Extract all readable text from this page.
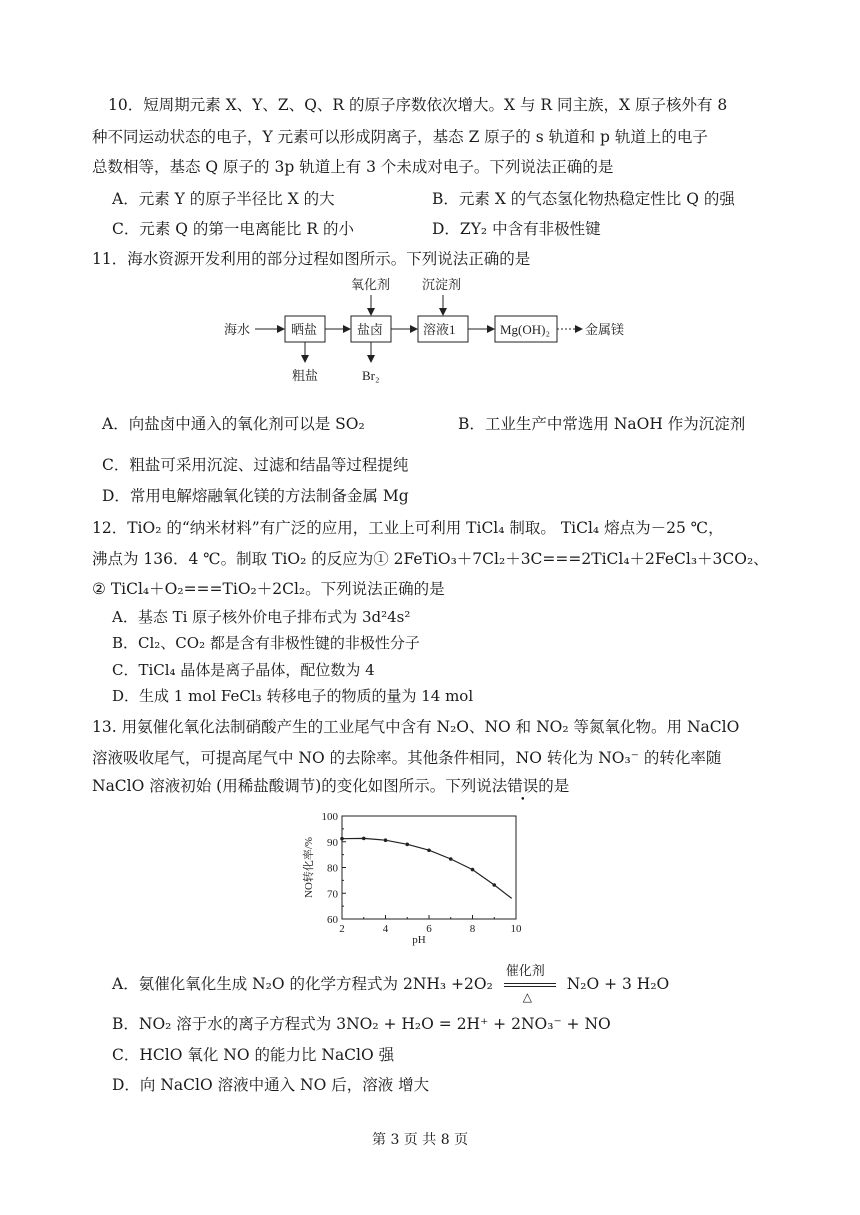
10．短周期元素 X、Y、Z、Q、R 的原子序数依次增大。X 与 R 同主族，X 原子核外有 8
种不同运动状态的电子，Y 元素可以形成阴离子，基态 Z 原子的 s 轨道和 p 轨道上的电子
总数相等，基态 Q 原子的 3p 轨道上有 3 个未成对电子。下列说法正确的是
A．元素 Y 的原子半径比 X 的大	B．元素 X 的气态氢化物热稳定性比 Q 的强
C．元素 Q 的第一电离能比 R 的小	D．ZY₂ 中含有非极性键
11．海水资源开发利用的部分过程如图所示。下列说法正确的是
海水	晒盐	盐卤	溶液1	Mg(OH)₂	金属镁
氧化剂 沉淀剂
粗盐	Br₂
A．向盐卤中通入的氧化剂可以是 SO₂	B．工业生产中常选用 NaOH 作为沉淀剂
C．粗盐可采用沉淀、过滤和结晶等过程提纯
D．常用电解熔融氧化镁的方法制备金属 Mg
12．TiO₂ 的“纳米材料”有广泛的应用，工业上可利用 TiCl₄ 制取。 TiCl₄ 熔点为－25 ℃，
沸点为 136．4 ℃。制取 TiO₂ 的反应为① 2FeTiO₃＋7Cl₂＋3C===2TiCl₄＋2FeCl₃＋3CO₂、
② TiCl₄＋O₂===TiO₂＋2Cl₂。下列说法正确的是
A．基态 Ti 原子核外价电子排布式为 3d²4s²
B．Cl₂、CO₂ 都是含有非极性键的非极性分子
C．TiCl₄ 晶体是离子晶体，配位数为 4
D．生成 1 mol FeCl₃ 转移电子的物质的量为 14 mol
13. 用氨催化氧化法制硝酸产生的工业尾气中含有 N₂O、NO 和 NO₂ 等氮氧化物。用 NaClO
溶液吸收尾气，可提高尾气中 NO 的去除率。其他条件相同，NO 转化为 NO₃⁻ 的转化率随
NaClO 溶液初始 (用稀盐酸调节)的变化如图所示。下列说法错误的是
2	4	6	8	10
60
70
80
90
100
pH
NO转化率/%
A．氨催化氧化生成 N₂O 的化学方程式为 2NH₃ +2O₂
催化剂
△
N₂O + 3 H₂O
B．NO₂ 溶于水的离子方程式为 3NO₂ + H₂O = 2H⁺ + 2NO₃⁻ + NO
C．HClO 氧化 NO 的能力比 NaClO 强
D．向 NaClO 溶液中通入 NO 后，溶液 增大
第 3 页 共 8 页
